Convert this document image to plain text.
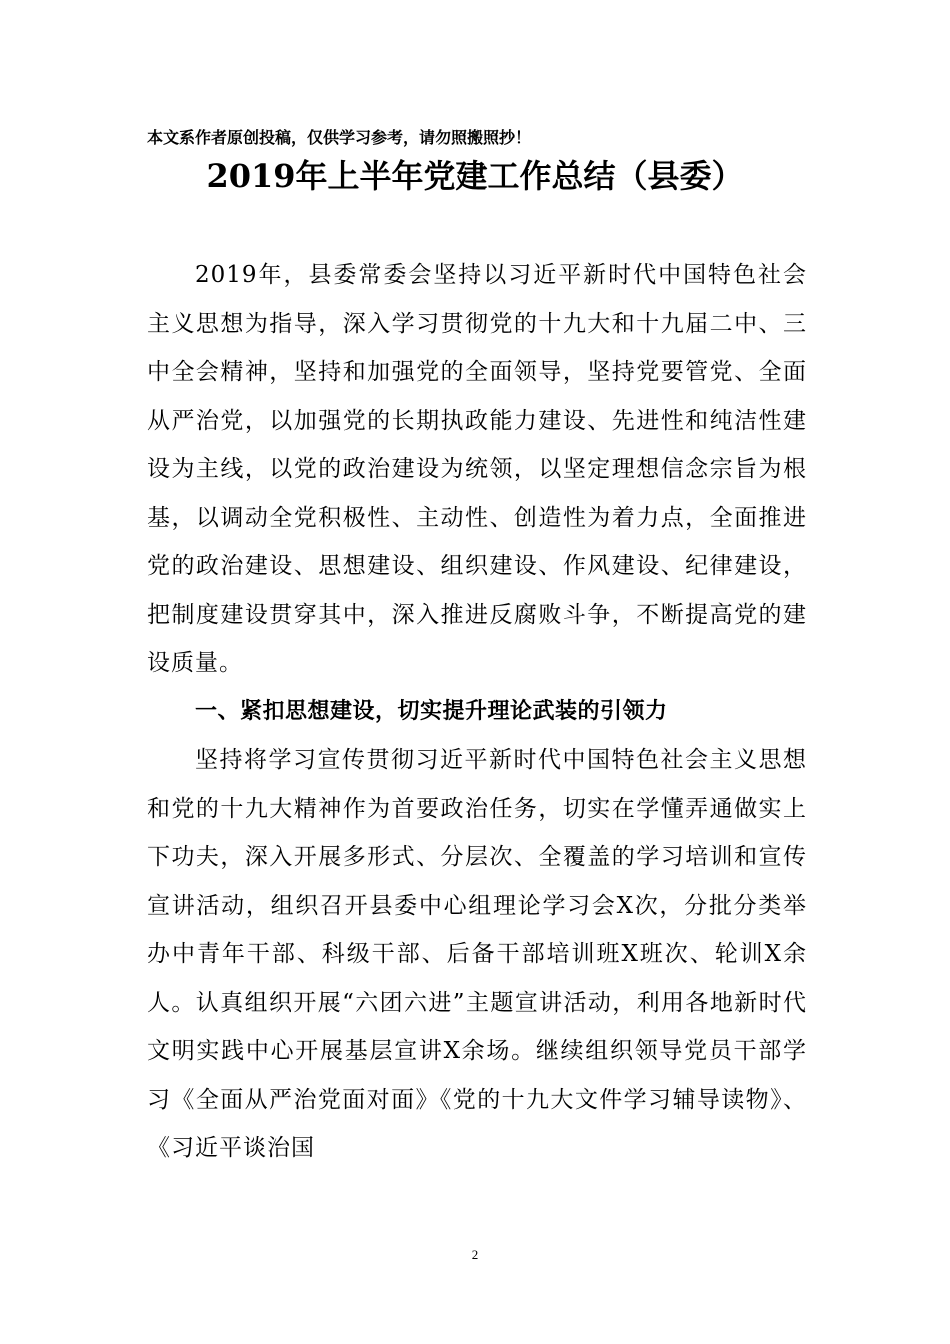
本文系作者原创投稿，仅供学习参考，请勿照搬照抄！
2019年上半年党建工作总结（县委）

2019年，县委常委会坚持以习近平新时代中国特色社会主义思想为指导，深入学习贯彻党的十九大和十九届二中、三中全会精神，坚持和加强党的全面领导，坚持党要管党、全面从严治党，以加强党的长期执政能力建设、先进性和纯洁性建设为主线，以党的政治建设为统领，以坚定理想信念宗旨为根基，以调动全党积极性、主动性、创造性为着力点，全面推进党的政治建设、思想建设、组织建设、作风建设、纪律建设，把制度建设贯穿其中，深入推进反腐败斗争，不断提高党的建设质量。

一、紧扣思想建设，切实提升理论武装的引领力

坚持将学习宣传贯彻习近平新时代中国特色社会主义思想和党的十九大精神作为首要政治任务，切实在学懂弄通做实上下功夫，深入开展多形式、分层次、全覆盖的学习培训和宣传宣讲活动，组织召开县委中心组理论学习会X次，分批分类举办中青年干部、科级干部、后备干部培训班X班次、轮训X余人。认真组织开展“六团六进”主题宣讲活动，利用各地新时代文明实践中心开展基层宣讲X余场。继续组织领导党员干部学习《全面从严治党面对面》《党的十九大文件学习辅导读物》、《习近平谈治国

2
